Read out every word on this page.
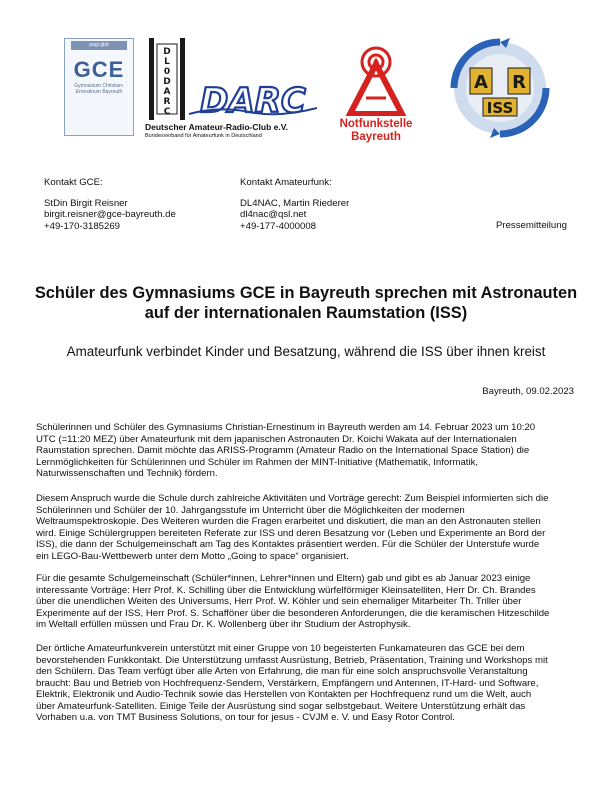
pagi gbd
GCE
Gymnasium Christian-Ernestinum Bayreuth
D
L
0
D
A
R
C DARC
Deutscher Amateur-Radio-Club e.V.
Bundesverband für Amateurfunk in Deutschland
Notfunkstelle
Bayreuth
A R
ISS
Kontakt GCE:
StDin Birgit Reisner
birgit.reisner@gce-bayreuth.de
+49-170-3185269
Kontakt Amateurfunk:
DL4NAC, Martin Riederer
dl4nac@qsl.net
+49-177-4000008	Pressemitteilung
Schüler des Gymnasiums GCE in Bayreuth sprechen mit Astronauten
auf der internationalen Raumstation (ISS)
Amateurfunk verbindet Kinder und Besatzung, während die ISS über ihnen kreist
Bayreuth, 09.02.2023
Schülerinnen und Schüler des Gymnasiums Christian-Ernestinum in Bayreuth werden am 14. Februar 2023 um 10:20
UTC (=11:20 MEZ) über Amateurfunk mit dem japanischen Astronauten Dr. Koichi Wakata auf der Internationalen
Raumstation sprechen. Damit möchte das ARISS-Programm (Amateur Radio on the International Space Station) die
Lernmöglichkeiten für Schülerinnen und Schüler im Rahmen der MINT-Initiative (Mathematik, Informatik,
Naturwissenschaften und Technik) fördern.
Diesem Anspruch wurde die Schule durch zahlreiche Aktivitäten und Vorträge gerecht: Zum Beispiel informierten sich die
Schülerinnen und Schüler der 10. Jahrgangsstufe im Unterricht über die Möglichkeiten der modernen
Weltraumspektroskopie. Des Weiteren wurden die Fragen erarbeitet und diskutiert, die man an den Astronauten stellen
wird. Einige Schülergruppen bereiteten Referate zur ISS und deren Besatzung vor (Leben und Experimente an Bord der
ISS), die dann der Schulgemeinschaft am Tag des Kontaktes präsentiert werden. Für die Schüler der Unterstufe wurde
ein LEGO-Bau-Wettbewerb unter dem Motto „Going to space“ organisiert.
Für die gesamte Schulgemeinschaft (Schüler*innen, Lehrer*innen und Eltern) gab und gibt es ab Januar 2023 einige
interessante Vorträge: Herr Prof. K. Schilling über die Entwicklung würfelförmiger Kleinsatelliten, Herr Dr. Ch. Brandes
über die unendlichen Weiten des Universums, Herr Prof. W. Köhler und sein ehemaliger Mitarbeiter Th. Triller über
Experimente auf der ISS, Herr Prof. S. Schafföner über die besonderen Anforderungen, die die keramischen Hitzeschilde
im Weltall erfüllen müssen und Frau Dr. K. Wollenberg über ihr Studium der Astrophysik.
Der örtliche Amateurfunkverein unterstützt mit einer Gruppe von 10 begeisterten Funkamateuren das GCE bei dem
bevorstehenden Funkkontakt. Die Unterstützung umfasst Ausrüstung, Betrieb, Präsentation, Training und Workshops mit
den Schülern. Das Team verfügt über alle Arten von Erfahrung, die man für eine solch anspruchsvolle Veranstaltung
braucht: Bau und Betrieb von Hochfrequenz-Sendern, Verstärkern, Empfängern und Antennen, IT-Hard- und Software,
Elektrik, Elektronik und Audio-Technik sowie das Herstellen von Kontakten per Hochfrequenz rund um die Welt, auch
über Amateurfunk-Satelliten. Einige Teile der Ausrüstung sind sogar selbstgebaut. Weitere Unterstützung erhält das
Vorhaben u.a. von TMT Business Solutions, on tour for jesus - CVJM e. V. und Easy Rotor Control.
